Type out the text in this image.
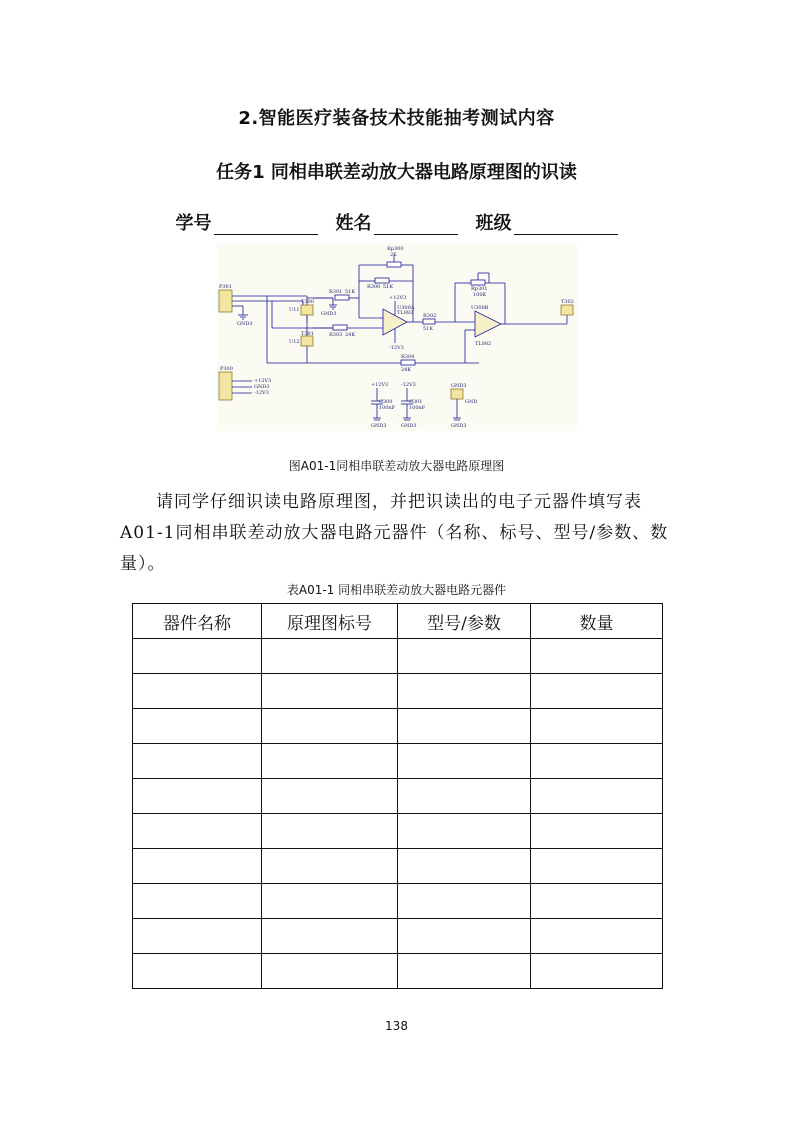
2.智能医疗装备技术技能抽考测试内容
任务1 同相串联差动放大器电路原理图的识读
学号	姓名	班级
P301
P300
T300
T301
T302
U11
U12
R301 51K
R300 51K
R303 24K
R302
51K
R304
24K
Rp300
2K
Rp301
100K
U300A
TL082
U300B
TL082
+12V3
-12V3
GND3
GND
C300
100nF
C301
100nF
+12V3	-12V3
+12V3
GND3
-12V3
GND3
GND3	GND3	GND3
GND3
图A01-1同相串联差动放大器电路原理图
请同学仔细识读电路原理图，并把识读出的电子元器件填写表A01-1同相串联差动放大器电路元器件（名称、标号、型号/参数、数量）。
表A01-1 同相串联差动放大器电路元器件
器件名称	原理图标号	型号/参数	数量

138
